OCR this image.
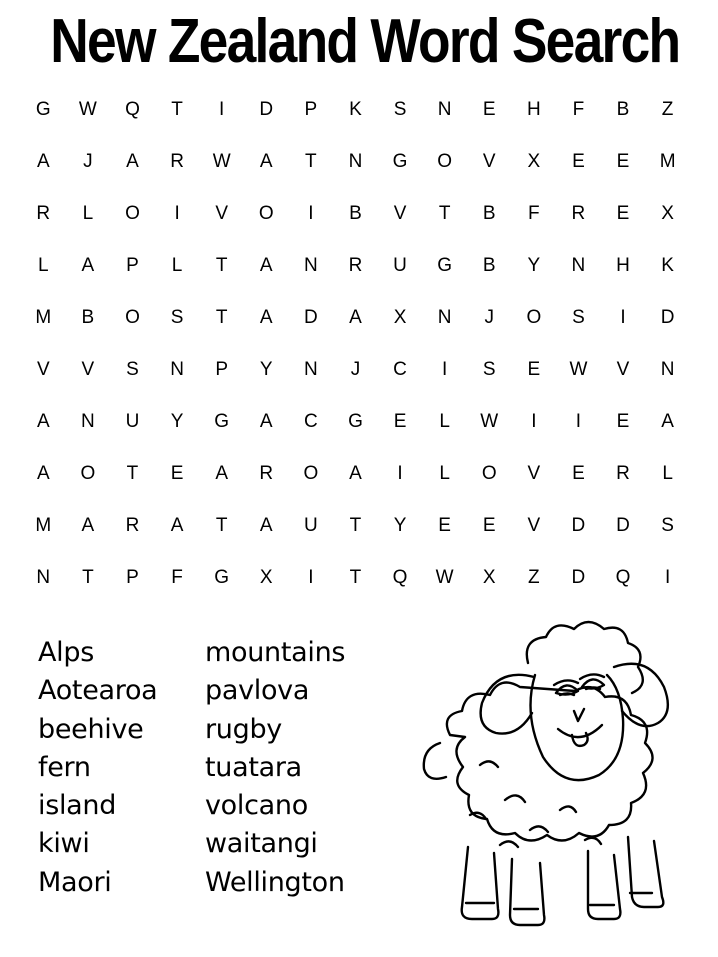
New Zealand Word Search
G	W	Q	T	I	D	P	K	S	N	E	H	F	B	Z
A	J	A	R	W	A	T	N	G	O	V	X	E	E	M
R	L	O	I	V	O	I	B	V	T	B	F	R	E	X
L	A	P	L	T	A	N	R	U	G	B	Y	N	H	K
M	B	O	S	T	A	D	A	X	N	J	O	S	I	D
V	V	S	N	P	Y	N	J	C	I	S	E	W	V	N
A	N	U	Y	G	A	C	G	E	L	W	I	I	E	A
A	O	T	E	A	R	O	A	I	L	O	V	E	R	L
M	A	R	A	T	A	U	T	Y	E	E	V	D	D	S
N	T	P	F	G	X	I	T	Q	W	X	Z	D	Q	I
Alps
Aotearoa
beehive
fern
island
kiwi
Maori
mountains
pavlova
rugby
tuatara
volcano
waitangi
Wellington
